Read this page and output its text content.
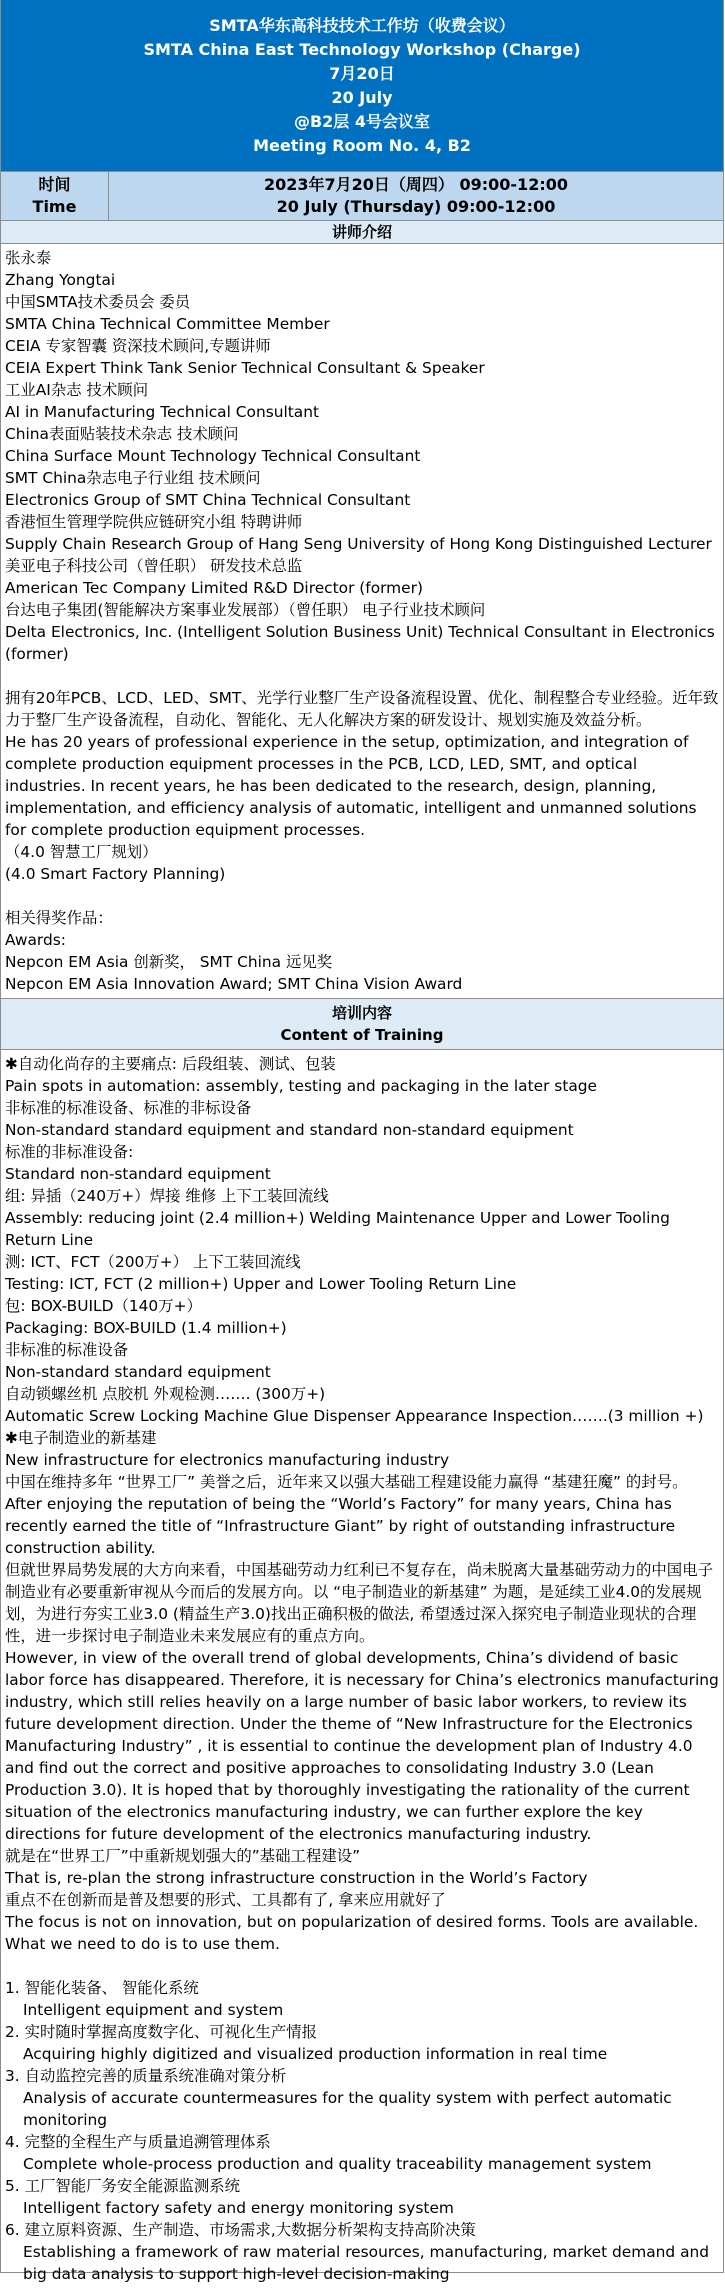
SMTA华东高科技技术工作坊（收费会议）
SMTA China East Technology Workshop (Charge)
7月20日
20 July
@B2层 4号会议室
Meeting Room No. 4, B2
时间
Time
2023年7月20日（周四） 09:00-12:00
20 July (Thursday) 09:00-12:00
讲师介绍

张永泰

Zhang Yongtai

中国SMTA技术委员会 委员

SMTA China Technical Committee Member

CEIA 专家智囊 资深技术顾问,专题讲师

CEIA Expert Think Tank Senior Technical Consultant & Speaker

工业AI杂志 技术顾问

AI in Manufacturing Technical Consultant

China表面贴装技术杂志 技术顾问

China Surface Mount Technology Technical Consultant

SMT China杂志电子行业组 技术顾问

Electronics Group of SMT China Technical Consultant

香港恒生管理学院供应链研究小组 特聘讲师

Supply Chain Research Group of Hang Seng University of Hong Kong Distinguished Lecturer

美亚电子科技公司（曾任职） 研发技术总监

American Tec Company Limited R&D Director (former)

台达电子集团(智能解决方案事业发展部）（曾任职） 电子行业技术顾问

Delta Electronics, Inc. (Intelligent Solution Business Unit) Technical Consultant in Electronics (former)

拥有20年PCB、LCD、LED、SMT、光学行业整厂生产设备流程设置、优化、制程整合专业经验。近年致力于整厂生产设备流程，自动化、智能化、无人化解决方案的研发设计、规划实施及效益分析。

He has 20 years of professional experience in the setup, optimization, and integration of complete production equipment processes in the PCB, LCD, LED, SMT, and optical industries. In recent years, he has been dedicated to the research, design, planning, implementation, and efficiency analysis of automatic, intelligent and unmanned solutions for complete production equipment processes.

（4.0 智慧工厂规划）

(4.0 Smart Factory Planning)

相关得奖作品：

Awards:

Nepcon EM Asia 创新奖， SMT China 远见奖

Nepcon EM Asia Innovation Award; SMT China Vision Award

培训内容
Content of Training

✱自动化尚存的主要痛点: 后段组装、测试、包装

Pain spots in automation: assembly, testing and packaging in the later stage

非标准的标准设备、标准的非标设备

Non-standard standard equipment and standard non-standard equipment

标准的非标准设备:

Standard non-standard equipment

组: 异插（240万+）焊接 维修 上下工装回流线

Assembly: reducing joint (2.4 million+) Welding Maintenance Upper and Lower Tooling Return Line

测: ICT、FCT（200万+） 上下工装回流线

Testing: ICT, FCT (2 million+) Upper and Lower Tooling Return Line

包: BOX-BUILD（140万+）

Packaging: BOX-BUILD (1.4 million+)

非标准的标准设备

Non-standard standard equipment

自动锁螺丝机 点胶机 外观检测……. (300万+)

Automatic Screw Locking Machine Glue Dispenser Appearance Inspection…….(3 million +)

✱电子制造业的新基建

New infrastructure for electronics manufacturing industry

中国在维持多年 “世界工厂” 美誉之后，近年来又以强大基础工程建设能力赢得 “基建狂魔” 的封号。

After enjoying the reputation of being the “World’s Factory” for many years, China has recently earned the title of “Infrastructure Giant” by right of outstanding infrastructure construction ability.

但就世界局势发展的大方向来看，中国基础劳动力红利已不复存在，尚未脱离大量基础劳动力的中国电子制造业有必要重新审视从今而后的发展方向。以 “电子制造业的新基建” 为题，是延续工业4.0的发展规划，为进行夯实工业3.0 (精益生产3.0)找出正确积极的做法, 希望透过深入探究电子制造业现状的合理性，进一步探讨电子制造业未来发展应有的重点方向。

However, in view of the overall trend of global developments, China’s dividend of basic labor force has disappeared. Therefore, it is necessary for China’s electronics manufacturing industry, which still relies heavily on a large number of basic labor workers, to review its future development direction. Under the theme of “New Infrastructure for the Electronics Manufacturing Industry” , it is essential to continue the development plan of Industry 4.0 and find out the correct and positive approaches to consolidating Industry 3.0 (Lean Production 3.0). It is hoped that by thoroughly investigating the rationality of the current situation of the electronics manufacturing industry, we can further explore the key directions for future development of the electronics manufacturing industry.

就是在“世界工厂”中重新规划强大的”基础工程建设”

That is, re-plan the strong infrastructure construction in the World’s Factory

重点不在创新而是普及想要的形式、工具都有了, 拿来应用就好了

The focus is not on innovation, but on popularization of desired forms. Tools are available. What we need to do is to use them.

1. 智能化装备、 智能化系统

Intelligent equipment and system

2. 实时随时掌握高度数字化、可视化生产情报

Acquiring highly digitized and visualized production information in real time

3. 自动监控完善的质量系统准确对策分析

Analysis of accurate countermeasures for the quality system with perfect automatic monitoring

4. 完整的全程生产与质量追溯管理体系

Complete whole-process production and quality traceability management system

5. 工厂智能厂务安全能源监测系统

Intelligent factory safety and energy monitoring system

6. 建立原料资源、生产制造、市场需求,大数据分析架构支持高阶决策

Establishing a framework of raw material resources, manufacturing, market demand and big data analysis to support high-level decision-making
